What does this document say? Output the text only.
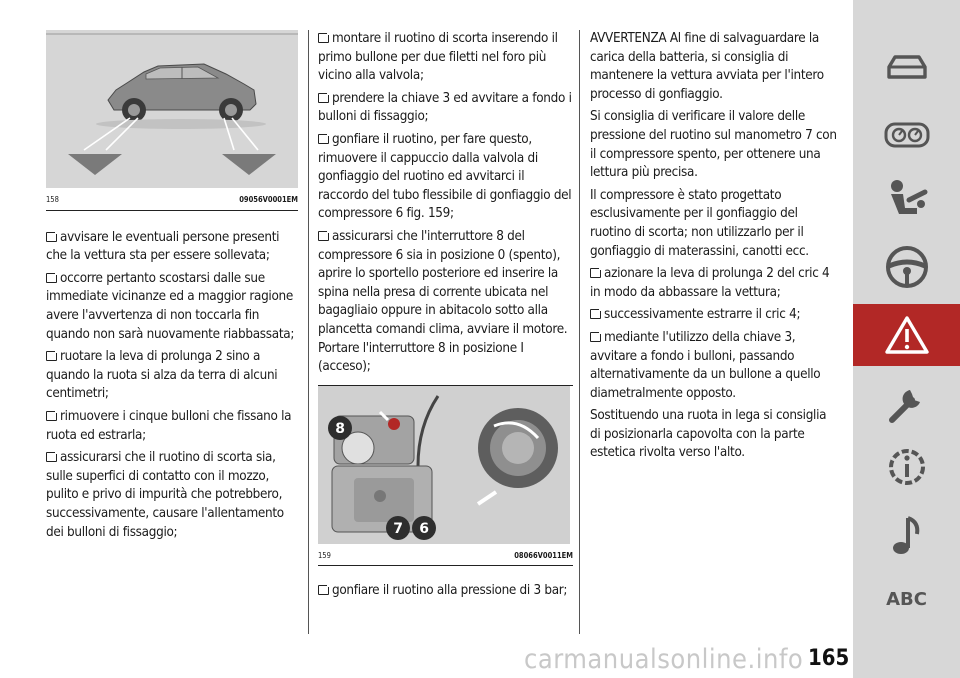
158	09056V0001EM

avvisare le eventuali persone presenti che la vettura sta per essere sollevata;

occorre pertanto scostarsi dalle sue immediate vicinanze ed a maggior ragione avere l'avvertenza di non toccarla fin quando non sarà nuovamente riabbassata;

ruotare la leva di prolunga 2 sino a quando la ruota si alza da terra di alcuni centimetri;

rimuovere i cinque bulloni che fissano la ruota ed estrarla;

assicurarsi che il ruotino di scorta sia, sulle superfici di contatto con il mozzo, pulito e privo di impurità che potrebbero, successivamente, causare l'allentamento dei bulloni di fissaggio;

montare il ruotino di scorta inserendo il primo bullone per due filetti nel foro più vicino alla valvola;

prendere la chiave 3 ed avvitare a fondo i bulloni di fissaggio;

gonfiare il ruotino, per fare questo, rimuovere il cappuccio dalla valvola di gonfiaggio del ruotino ed avvitarci il raccordo del tubo flessibile di gonfiaggio del compressore 6 fig. 159;

assicurarsi che l'interruttore 8 del compressore 6 sia in posizione 0 (spento), aprire lo sportello posteriore ed inserire la spina nella presa di corrente ubicata nel bagagliaio oppure in abitacolo sotto alla plancetta comandi clima, avviare il motore. Portare l'interruttore 8 in posizione I (acceso);

8
7 6
159	08066V0011EM

gonfiare il ruotino alla pressione di 3 bar;

AVVERTENZA Al fine di salvaguardare la carica della batteria, si consiglia di mantenere la vettura avviata per l'intero processo di gonfiaggio.

Si consiglia di verificare il valore delle pressione del ruotino sul manometro 7 con il compressore spento, per ottenere una lettura più precisa.

Il compressore è stato progettato esclusivamente per il gonfiaggio del ruotino di scorta; non utilizzarlo per il gonfiaggio di materassini, canotti ecc.

azionare la leva di prolunga 2 del cric 4 in modo da abbassare la vettura;

successivamente estrarre il cric 4;

mediante l'utilizzo della chiave 3, avvitare a fondo i bulloni, passando alternativamente da un bullone a quello diametralmente opposto.

Sostituendo una ruota in lega si consiglia di posizionarla capovolta con la parte estetica rivolta verso l'alto.

ABC
carmanualsonline.info 165
